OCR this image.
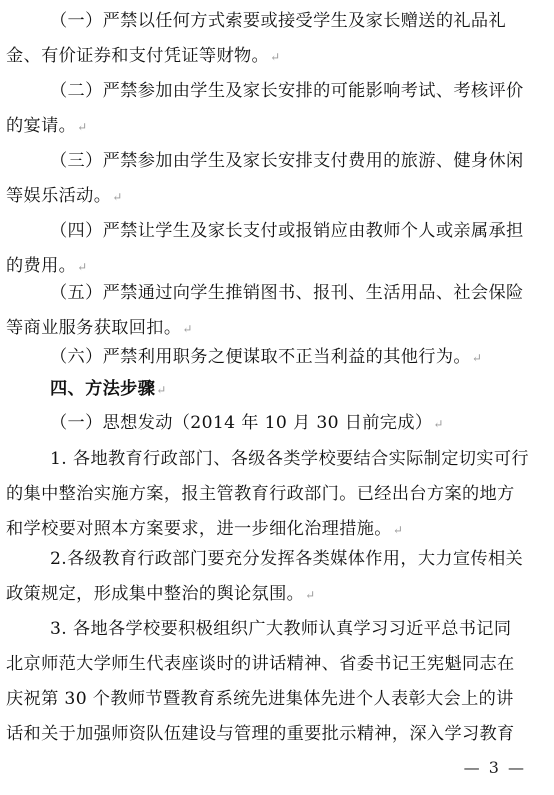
（一）严禁以任何方式索要或接受学生及家长赠送的礼品礼
金、有价证券和支付凭证等财物。↵

（二）严禁参加由学生及家长安排的可能影响考试、考核评价
的宴请。↵

（三）严禁参加由学生及家长安排支付费用的旅游、健身休闲
等娱乐活动。↵

（四）严禁让学生及家长支付或报销应由教师个人或亲属承担
的费用。↵

（五）严禁通过向学生推销图书、报刊、生活用品、社会保险
等商业服务获取回扣。↵

（六）严禁利用职务之便谋取不正当利益的其他行为。↵

四、方法步骤↵

（一）思想发动（2014 年 10 月 30 日前完成）↵

1. 各地教育行政部门、各级各类学校要结合实际制定切实可行
的集中整治实施方案，报主管教育行政部门。已经出台方案的地方
和学校要对照本方案要求，进一步细化治理措施。↵

2.各级教育行政部门要充分发挥各类媒体作用，大力宣传相关
政策规定，形成集中整治的舆论氛围。↵

3. 各地各学校要积极组织广大教师认真学习习近平总书记同
北京师范大学师生代表座谈时的讲话精神、省委书记王宪魁同志在
庆祝第 30 个教师节暨教育系统先进集体先进个人表彰大会上的讲
话和关于加强师资队伍建设与管理的重要批示精神，深入学习教育

— 3 —
